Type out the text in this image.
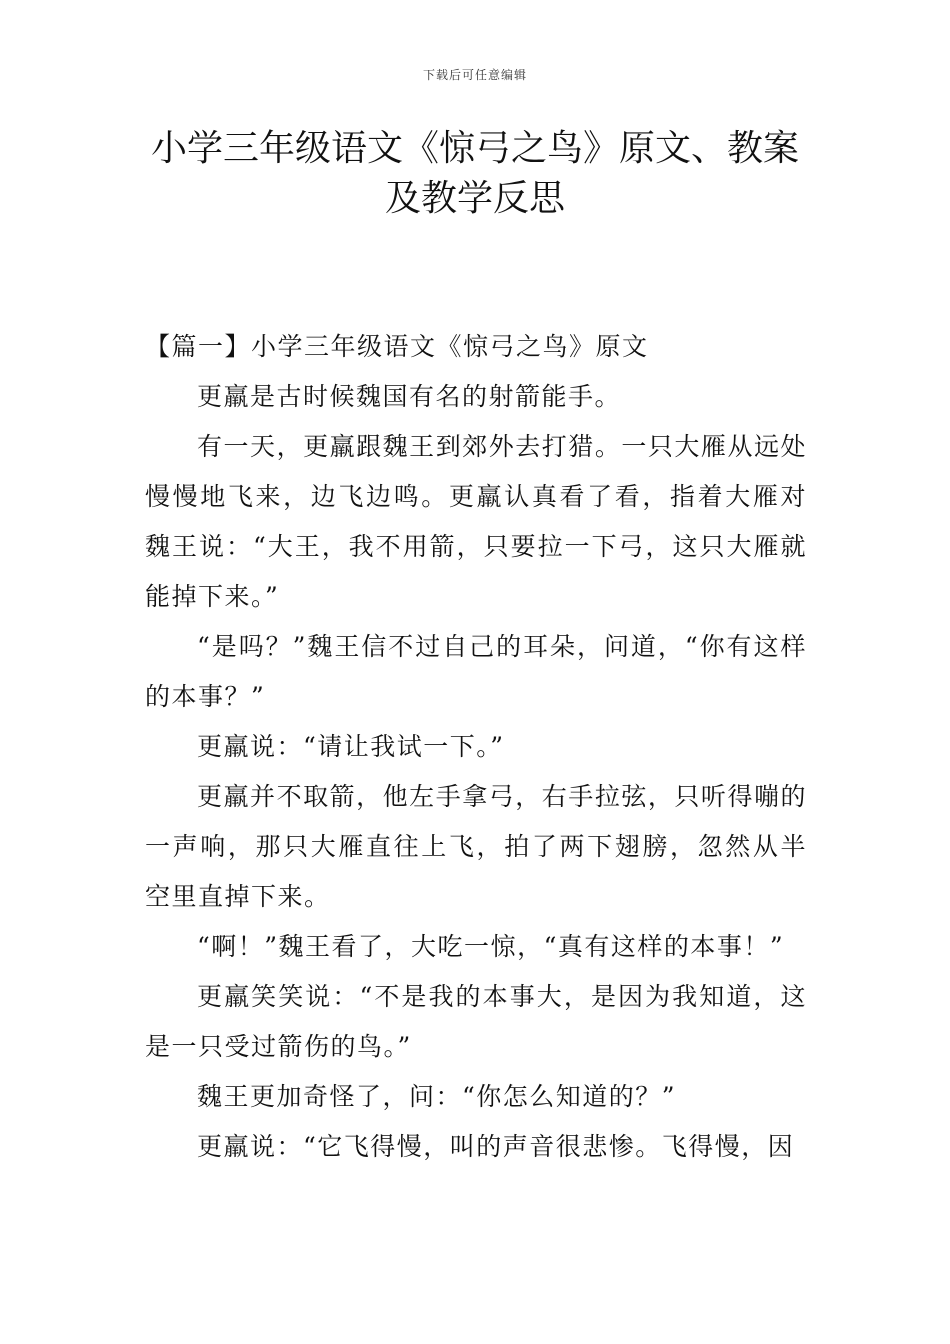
下载后可任意编辑
小学三年级语文《惊弓之鸟》原文、教案
及教学反思

【篇一】小学三年级语文《惊弓之鸟》原文

更羸是古时候魏国有名的射箭能手。

有一天，更羸跟魏王到郊外去打猎。一只大雁从远处慢慢地飞来，边飞边鸣。更羸认真看了看，指着大雁对魏王说：“大王，我不用箭，只要拉一下弓，这只大雁就能掉下来。”

“是吗？”魏王信不过自己的耳朵，问道，“你有这样的本事？”

更羸说：“请让我试一下。”

更羸并不取箭，他左手拿弓，右手拉弦，只听得嘣的一声响，那只大雁直往上飞，拍了两下翅膀，忽然从半空里直掉下来。

“啊！”魏王看了，大吃一惊，“真有这样的本事！”

更羸笑笑说：“不是我的本事大，是因为我知道，这是一只受过箭伤的鸟。”

魏王更加奇怪了，问：“你怎么知道的？”

更羸说：“它飞得慢，叫的声音很悲惨。飞得慢，因
